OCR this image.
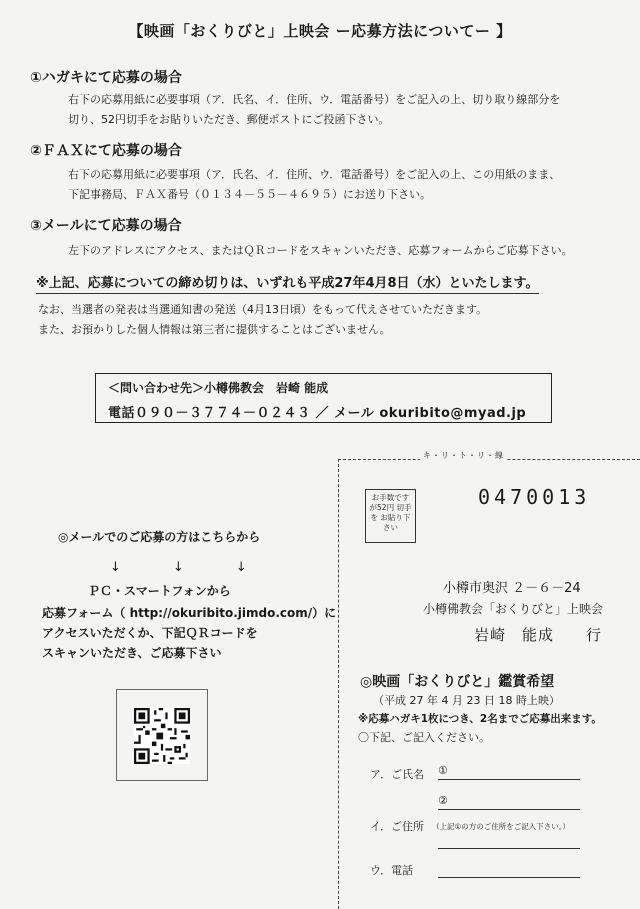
【映画「おくりびと」上映会 ー応募方法についてー 】
①ハガキにて応募の場合
右下の応募用紙に必要事項（ア．氏名、イ．住所、ウ．電話番号）をご記入の上、切り取り線部分を
切り、52円切手をお貼りいただき、郵便ポストにご投函下さい。
②ＦＡＸにて応募の場合
右下の応募用紙に必要事項（ア．氏名、イ．住所、ウ．電話番号）をご記入の上、この用紙のまま、
下記事務局、ＦＡＸ番号（０１３４－５５－４６９５）にお送り下さい。
③メールにて応募の場合
左下のアドレスにアクセス、またはＱＲコードをスキャンいただき、応募フォームからご応募下さい。
※上記、応募についての締め切りは、いずれも平成27年4月8日（水）といたします。
なお、当選者の発表は当選通知書の発送（4月13日頃）をもって代えさせていただきます。
また、お預かりした個人情報は第三者に提供することはございません。
＜問い合わせ先＞小樽佛教会　岩崎 能成
電話０９０－３７７４－０２４３ ／ メール okuribito@myad.jp
キ・リ・ト・リ・線
お手数です が52円 切手を お貼り下さい
0470013
小樽市奥沢 ２－６－24
小樽佛教会「おくりびと」上映会
岩崎　能成　　行
◎メールでのご応募の方はこちらから
↓　　　　↓　　　　↓
ＰＣ・スマートフォンから
応募フォーム（ http://okuribito.jimdo.com/）に
アクセスいただくか、下記ＱＲコードを
スキャンいただき、ご応募下さい
◎映画「おくりびと」鑑賞希望
（平成 27 年 4 月 23 日 18 時上映）
※応募ハガキ1枚につき、2名までご応募出来ます。
〇下記、ご記入ください。
ア．ご氏名 ①
②
イ．ご住所 （上記①の方のご住所をご記入下さい。）
ウ．電話
